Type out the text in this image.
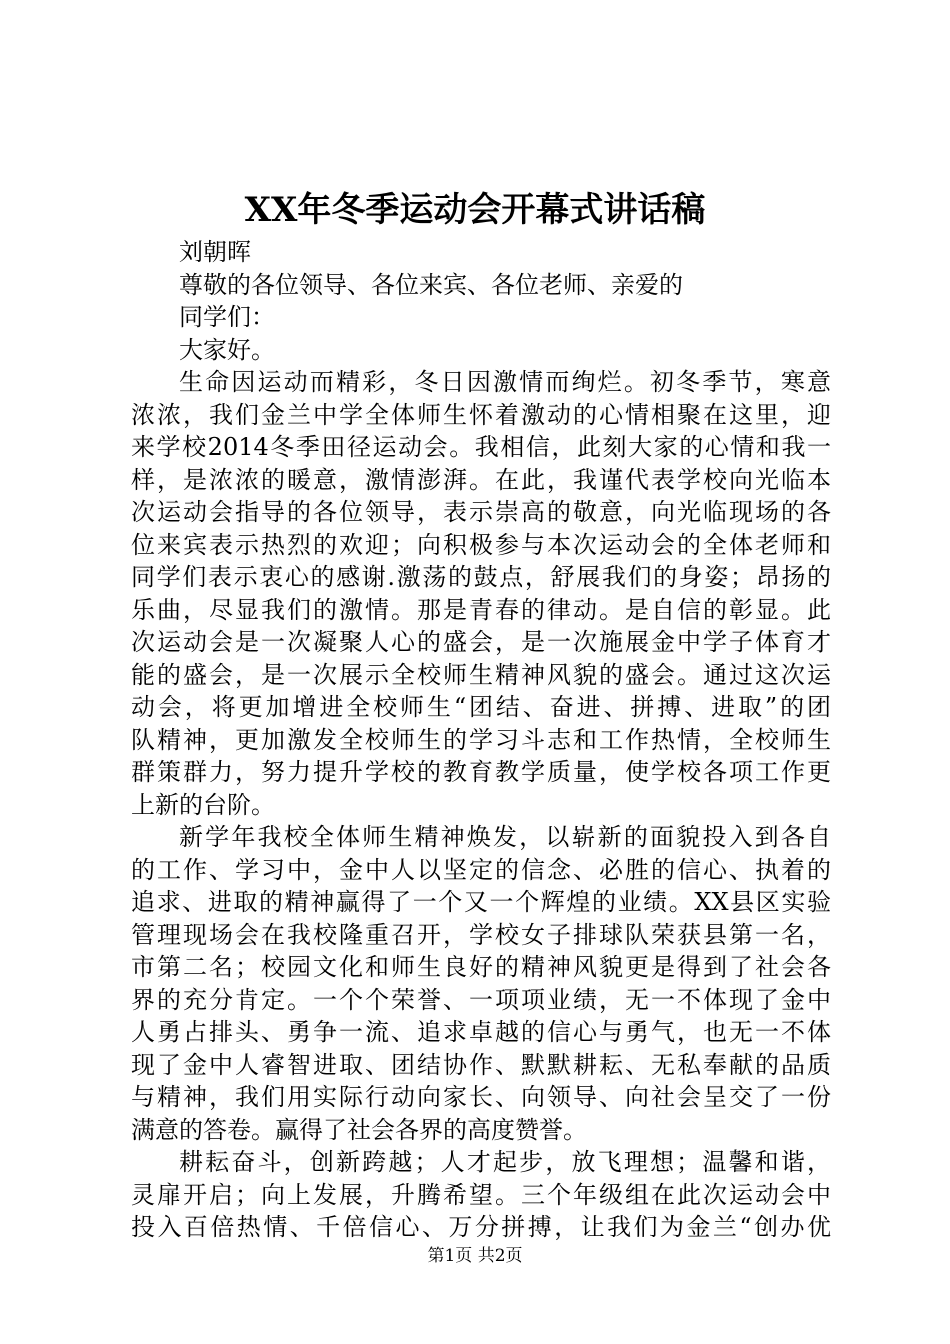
XX年冬季运动会开幕式讲话稿
刘朝晖
尊敬的各位领导、各位来宾、各位老师、亲爱的
同学们：
大家好。
生命因运动而精彩，冬日因激情而绚烂。初冬季节，寒意
浓浓，我们金兰中学全体师生怀着激动的心情相聚在这里，迎
来学校2014冬季田径运动会。我相信，此刻大家的心情和我一
样，是浓浓的暖意，激情澎湃。在此，我谨代表学校向光临本
次运动会指导的各位领导，表示崇高的敬意，向光临现场的各
位来宾表示热烈的欢迎；向积极参与本次运动会的全体老师和
同学们表示衷心的感谢.激荡的鼓点，舒展我们的身姿；昂扬的
乐曲，尽显我们的激情。那是青春的律动。是自信的彰显。此
次运动会是一次凝聚人心的盛会，是一次施展金中学子体育才
能的盛会，是一次展示全校师生精神风貌的盛会。通过这次运
动会，将更加增进全校师生“团结、奋进、拼搏、进取”的团
队精神，更加激发全校师生的学习斗志和工作热情，全校师生
群策群力，努力提升学校的教育教学质量，使学校各项工作更
上新的台阶。
新学年我校全体师生精神焕发，以崭新的面貌投入到各自
的工作、学习中，金中人以坚定的信念、必胜的信心、执着的
追求、进取的精神赢得了一个又一个辉煌的业绩。XX县区实验
管理现场会在我校隆重召开，学校女子排球队荣获县第一名，
市第二名；校园文化和师生良好的精神风貌更是得到了社会各
界的充分肯定。一个个荣誉、一项项业绩，无一不体现了金中
人勇占排头、勇争一流、追求卓越的信心与勇气，也无一不体
现了金中人睿智进取、团结协作、默默耕耘、无私奉献的品质
与精神，我们用实际行动向家长、向领导、向社会呈交了一份
满意的答卷。赢得了社会各界的高度赞誉。
耕耘奋斗，创新跨越；人才起步，放飞理想；温馨和谐，
灵扉开启；向上发展，升腾希望。三个年级组在此次运动会中
投入百倍热情、千倍信心、万分拼搏，让我们为金兰“创办优
第1页 共2页
